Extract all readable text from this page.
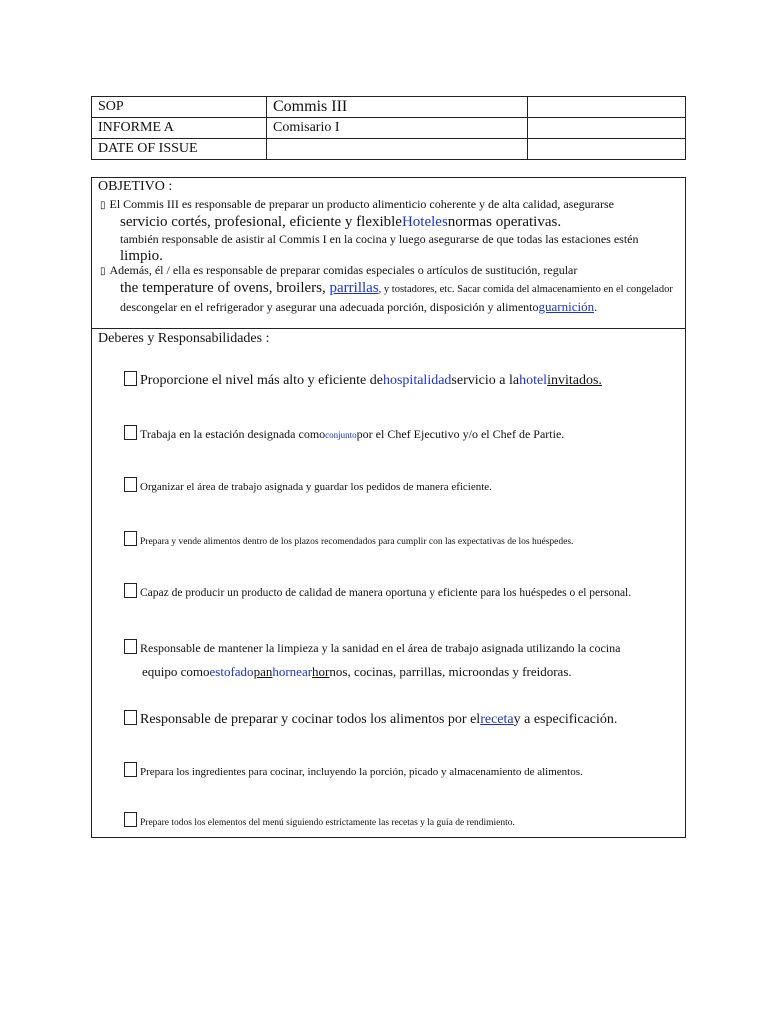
SOP	Commis III	
INFORME A	Comisario I	
DATE OF ISSUE		
OBJETIVO :
▯ El Commis III es responsable de preparar un producto alimenticio coherente y de alta calidad, asegurarse
servicio cortés, profesional, eficiente y flexibleHotelesnormas operativas.
también responsable de asistir al Commis I en la cocina y luego asegurarse de que todas las estaciones estén
limpio.
▯ Además, él / ella es responsable de preparar comidas especiales o artículos de sustitución, regular
the temperature of ovens, broilers, parrillas, y tostadores, etc. Sacar comida del almacenamiento en el congelador
descongelar en el refrigerador y asegurar una adecuada porción, disposición y alimentoguarnición.
Deberes y Responsabilidades :
Proporcione el nivel más alto y eficiente dehospitalidadservicio a lahotelinvitados.
Trabaja en la estación designada comoconjuntopor el Chef Ejecutivo y/o el Chef de Partie.
Organizar el área de trabajo asignada y guardar los pedidos de manera eficiente.
Prepara y vende alimentos dentro de los plazos recomendados para cumplir con las expectativas de los huéspedes.
Capaz de producir un producto de calidad de manera oportuna y eficiente para los huéspedes o el personal.
Responsable de mantener la limpieza y la sanidad en el área de trabajo asignada utilizando la cocina
equipo comoestofadopanhornearhornos, cocinas, parrillas, microondas y freidoras.
Responsable de preparar y cocinar todos los alimentos por elrecetay a especificación.
Prepara los ingredientes para cocinar, incluyendo la porción, picado y almacenamiento de alimentos.
Prepare todos los elementos del menú siguiendo estrictamente las recetas y la guía de rendimiento.
